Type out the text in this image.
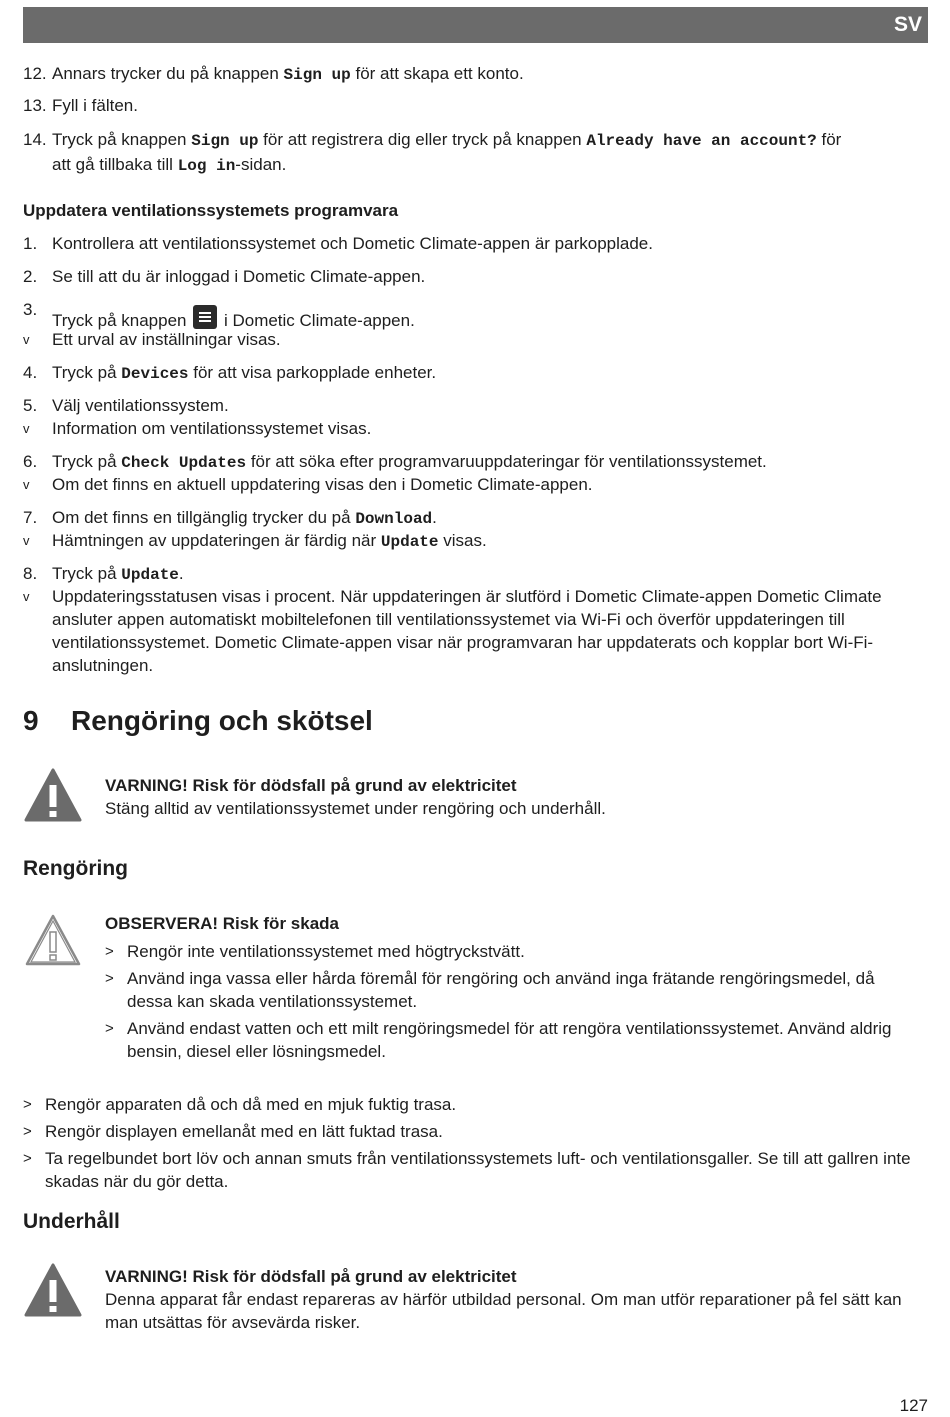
SV
12. Annars trycker du på knappen Sign up för att skapa ett konto.
13. Fyll i fälten.
14. Tryck på knappen Sign up för att registrera dig eller tryck på knappen Already have an account? för
att gå tillbaka till Log in-sidan.
Uppdatera ventilationssystemets programvara
1. Kontrollera att ventilationssystemet och Dometic Climate-appen är parkopplade.
2. Se till att du är inloggad i Dometic Climate-appen.
3.
Tryck på knappen
i Dometic Climate-appen.
v Ett urval av inställningar visas.
4. Tryck på Devices för att visa parkopplade enheter.
5. Välj ventilationssystem.
v Information om ventilationssystemet visas.
6. Tryck på Check Updates för att söka efter programvaruuppdateringar för ventilationssystemet.
v Om det finns en aktuell uppdatering visas den i Dometic Climate-appen.
7. Om det finns en tillgänglig trycker du på Download.
v Hämtningen av uppdateringen är färdig när Update visas.
8. Tryck på Update.
v Uppdateringsstatusen visas i procent. När uppdateringen är slutförd i Dometic Climate-appen Dometic Climate
ansluter appen automatiskt mobiltelefonen till ventilationssystemet via Wi-Fi och överför uppdateringen till
ventilationssystemet. Dometic Climate-appen visar när programvaran har uppdaterats och kopplar bort Wi-Fi-
anslutningen.
9 Rengöring och skötsel
VARNING! Risk för dödsfall på grund av elektricitet
Stäng alltid av ventilationssystemet under rengöring och underhåll.
Rengöring
OBSERVERA! Risk för skada
> Rengör inte ventilationssystemet med högtryckstvätt.
> Använd inga vassa eller hårda föremål för rengöring och använd inga frätande rengöringsmedel, då
dessa kan skada ventilationssystemet.
> Använd endast vatten och ett milt rengöringsmedel för att rengöra ventilationssystemet. Använd aldrig
bensin, diesel eller lösningsmedel.
> Rengör apparaten då och då med en mjuk fuktig trasa.
> Rengör displayen emellanåt med en lätt fuktad trasa.
> Ta regelbundet bort löv och annan smuts från ventilationssystemets luft- och ventilationsgaller. Se till att gallren inte
skadas när du gör detta.
Underhåll
VARNING! Risk för dödsfall på grund av elektricitet
Denna apparat får endast repareras av härför utbildad personal. Om man utför reparationer på fel sätt kan
man utsättas för avsevärda risker.
127
